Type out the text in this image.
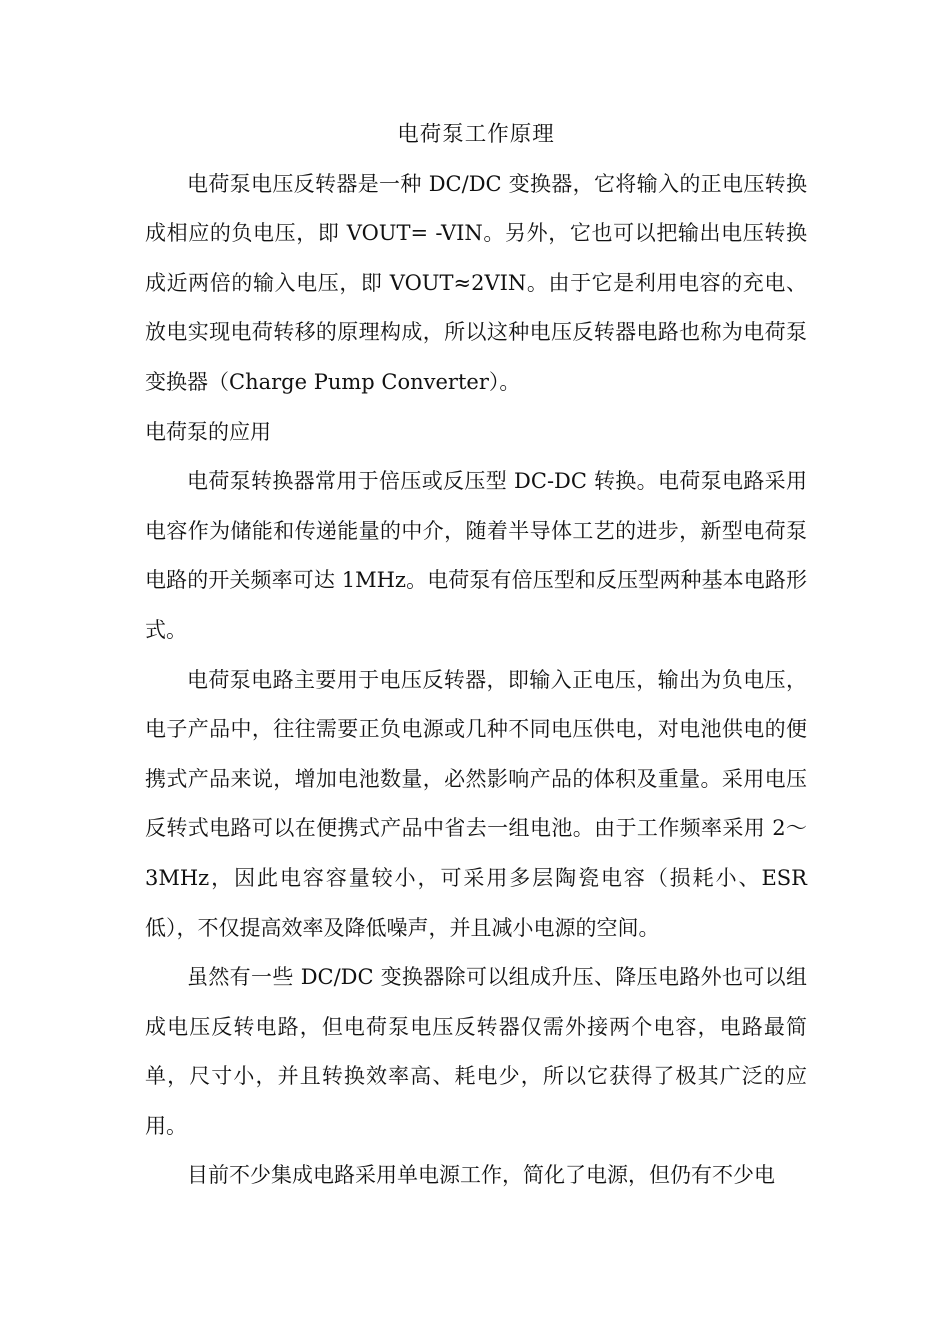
电荷泵工作原理

电荷泵电压反转器是一种 DC/DC 变换器，它将输入的正电压转换成相应的负电压，即 VOUT= -VIN。另外，它也可以把输出电压转换成近两倍的输入电压，即 VOUT≈2VIN。由于它是利用电容的充电、放电实现电荷转移的原理构成，所以这种电压反转器电路也称为电荷泵变换器（Charge Pump Converter）。

电荷泵的应用

电荷泵转换器常用于倍压或反压型 DC-DC 转换。电荷泵电路采用电容作为储能和传递能量的中介，随着半导体工艺的进步，新型电荷泵电路的开关频率可达 1MHz。电荷泵有倍压型和反压型两种基本电路形式。

电荷泵电路主要用于电压反转器，即输入正电压，输出为负电压，电子产品中，往往需要正负电源或几种不同电压供电，对电池供电的便携式产品来说，增加电池数量，必然影响产品的体积及重量。采用电压反转式电路可以在便携式产品中省去一组电池。由于工作频率采用 2～3MHz，因此电容容量较小，可采用多层陶瓷电容（损耗小、ESR 低），不仅提高效率及降低噪声，并且减小电源的空间。

虽然有一些 DC/DC 变换器除可以组成升压、降压电路外也可以组成电压反转电路，但电荷泵电压反转器仅需外接两个电容，电路最简单，尺寸小，并且转换效率高、耗电少，所以它获得了极其广泛的应用。

目前不少集成电路采用单电源工作，简化了电源，但仍有不少电
